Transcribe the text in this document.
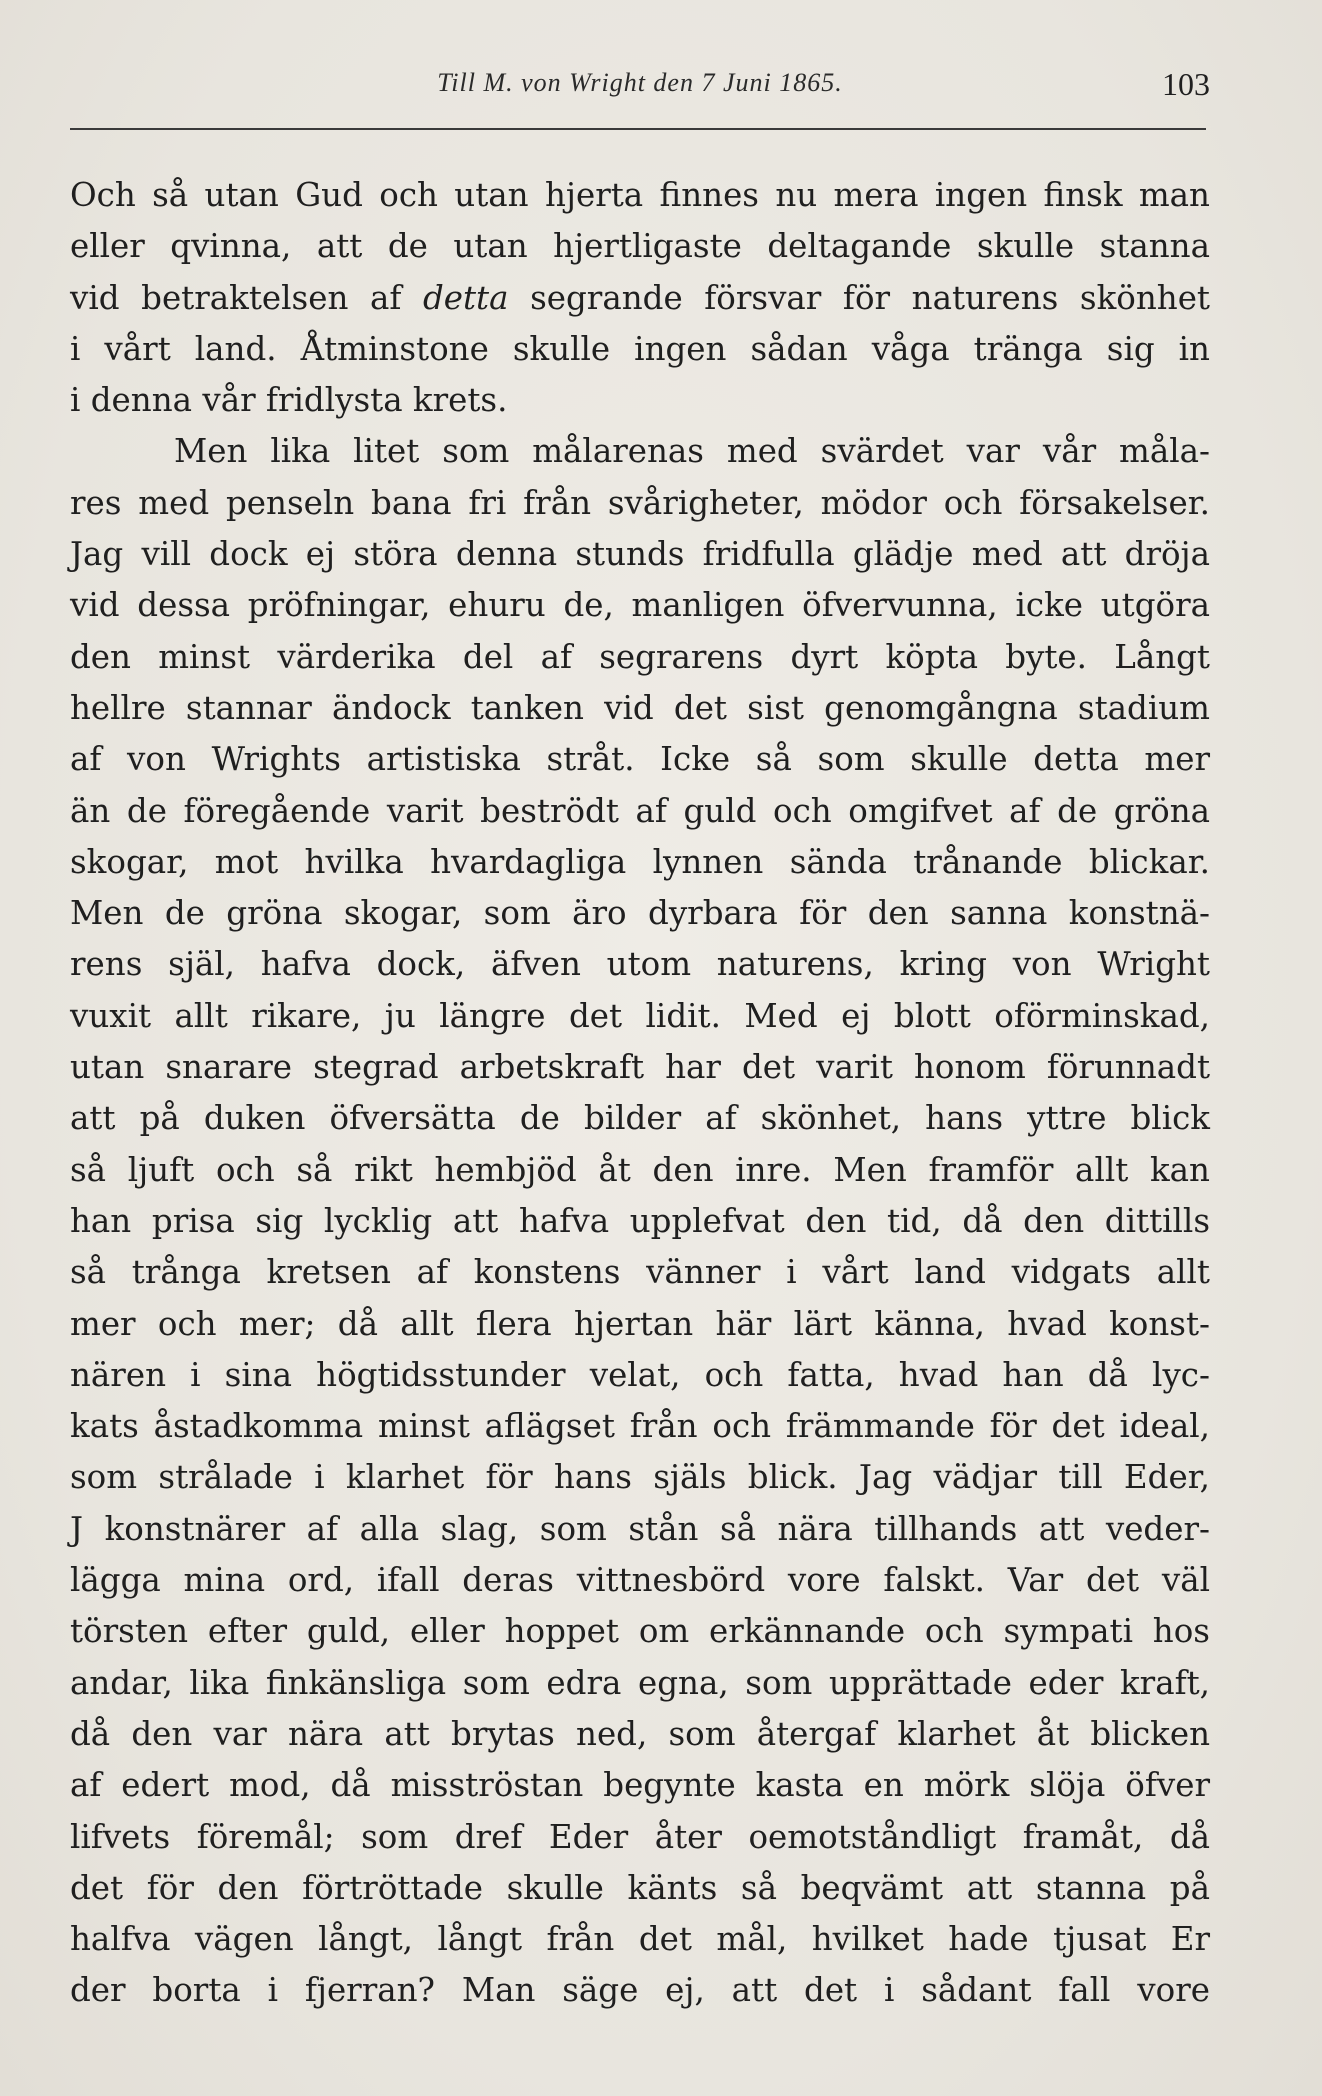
Till M. von Wright den 7 Juni 1865.	103
Och så utan Gud och utan hjerta finnes nu mera ingen finsk man
eller qvinna, att de utan hjertligaste deltagande skulle stanna
vid betraktelsen af detta segrande försvar för naturens skönhet
i vårt land. Åtminstone skulle ingen sådan våga tränga sig in
i denna vår fridlysta krets.
Men lika litet som målarenas med svärdet var vår måla-
res med penseln bana fri från svårigheter, mödor och försakelser.
Jag vill dock ej störa denna stunds fridfulla glädje med att dröja
vid dessa pröfningar, ehuru de, manligen öfvervunna, icke utgöra
den minst värderika del af segrarens dyrt köpta byte. Långt
hellre stannar ändock tanken vid det sist genomgångna stadium
af von Wrights artistiska stråt. Icke så som skulle detta mer
än de föregående varit beströdt af guld och omgifvet af de gröna
skogar, mot hvilka hvardagliga lynnen sända trånande blickar.
Men de gröna skogar, som äro dyrbara för den sanna konstnä-
rens själ, hafva dock, äfven utom naturens, kring von Wright
vuxit allt rikare, ju längre det lidit. Med ej blott oförminskad,
utan snarare stegrad arbetskraft har det varit honom förunnadt
att på duken öfversätta de bilder af skönhet, hans yttre blick
så ljuft och så rikt hembjöd åt den inre. Men framför allt kan
han prisa sig lycklig att hafva upplefvat den tid, då den dittills
så trånga kretsen af konstens vänner i vårt land vidgats allt
mer och mer; då allt flera hjertan här lärt känna, hvad konst-
nären i sina högtidsstunder velat, och fatta, hvad han då lyc-
kats åstadkomma minst aflägset från och främmande för det ideal,
som strålade i klarhet för hans själs blick. Jag vädjar till Eder,
J konstnärer af alla slag, som stån så nära tillhands att veder-
lägga mina ord, ifall deras vittnesbörd vore falskt. Var det väl
törsten efter guld, eller hoppet om erkännande och sympati hos
andar, lika finkänsliga som edra egna, som upprättade eder kraft,
då den var nära att brytas ned, som återgaf klarhet åt blicken
af edert mod, då misströstan begynte kasta en mörk slöja öfver
lifvets föremål; som dref Eder åter oemotståndligt framåt, då
det för den förtröttade skulle känts så beqvämt att stanna på
halfva vägen långt, långt från det mål, hvilket hade tjusat Er
der borta i fjerran? Man säge ej, att det i sådant fall vore
